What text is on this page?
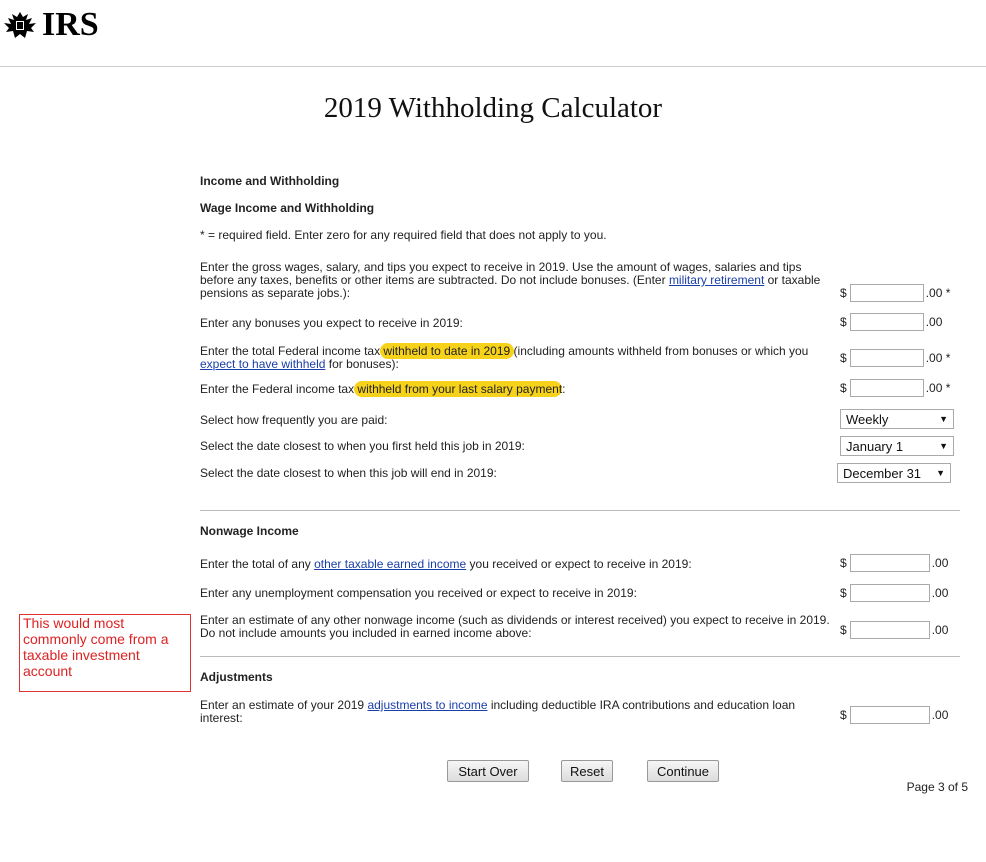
IRS
2019 Withholding Calculator
Income and Withholding
Wage Income and Withholding
* = required field. Enter zero for any required field that does not apply to you.
Enter the gross wages, salary, and tips you expect to receive in 2019. Use the amount of wages, salaries and tips before any taxes, benefits or other items are subtracted. Do not include bonuses. (Enter military retirement or taxable pensions as separate jobs.):	$	.00 *
Enter any bonuses you expect to receive in 2019:	$	.00
Enter the total Federal income tax withheld to date in 2019 (including amounts withheld from bonuses or which you expect to have withheld for bonuses):	$	.00 *
Enter the Federal income tax withheld from your last salary payment:	$	.00 *
Select how frequently you are paid:	Weekly	▼
Select the date closest to when you first held this job in 2019:	January 1	▼
Select the date closest to when this job will end in 2019:	December 31 ▼
Nonwage Income
Enter the total of any other taxable earned income you received or expect to receive in 2019:	$	.00
Enter any unemployment compensation you received or expect to receive in 2019:	$	.00
Enter an estimate of any other nonwage income (such as dividends or interest received) you expect to receive in 2019. Do not include amounts you included in earned income above:	$	.00
Adjustments
Enter an estimate of your 2019 adjustments to income including deductible IRA contributions and education loan interest:	$	.00
This would most commonly come from a taxable investment account
Start Over	Reset	Continue
Page 3 of 5
